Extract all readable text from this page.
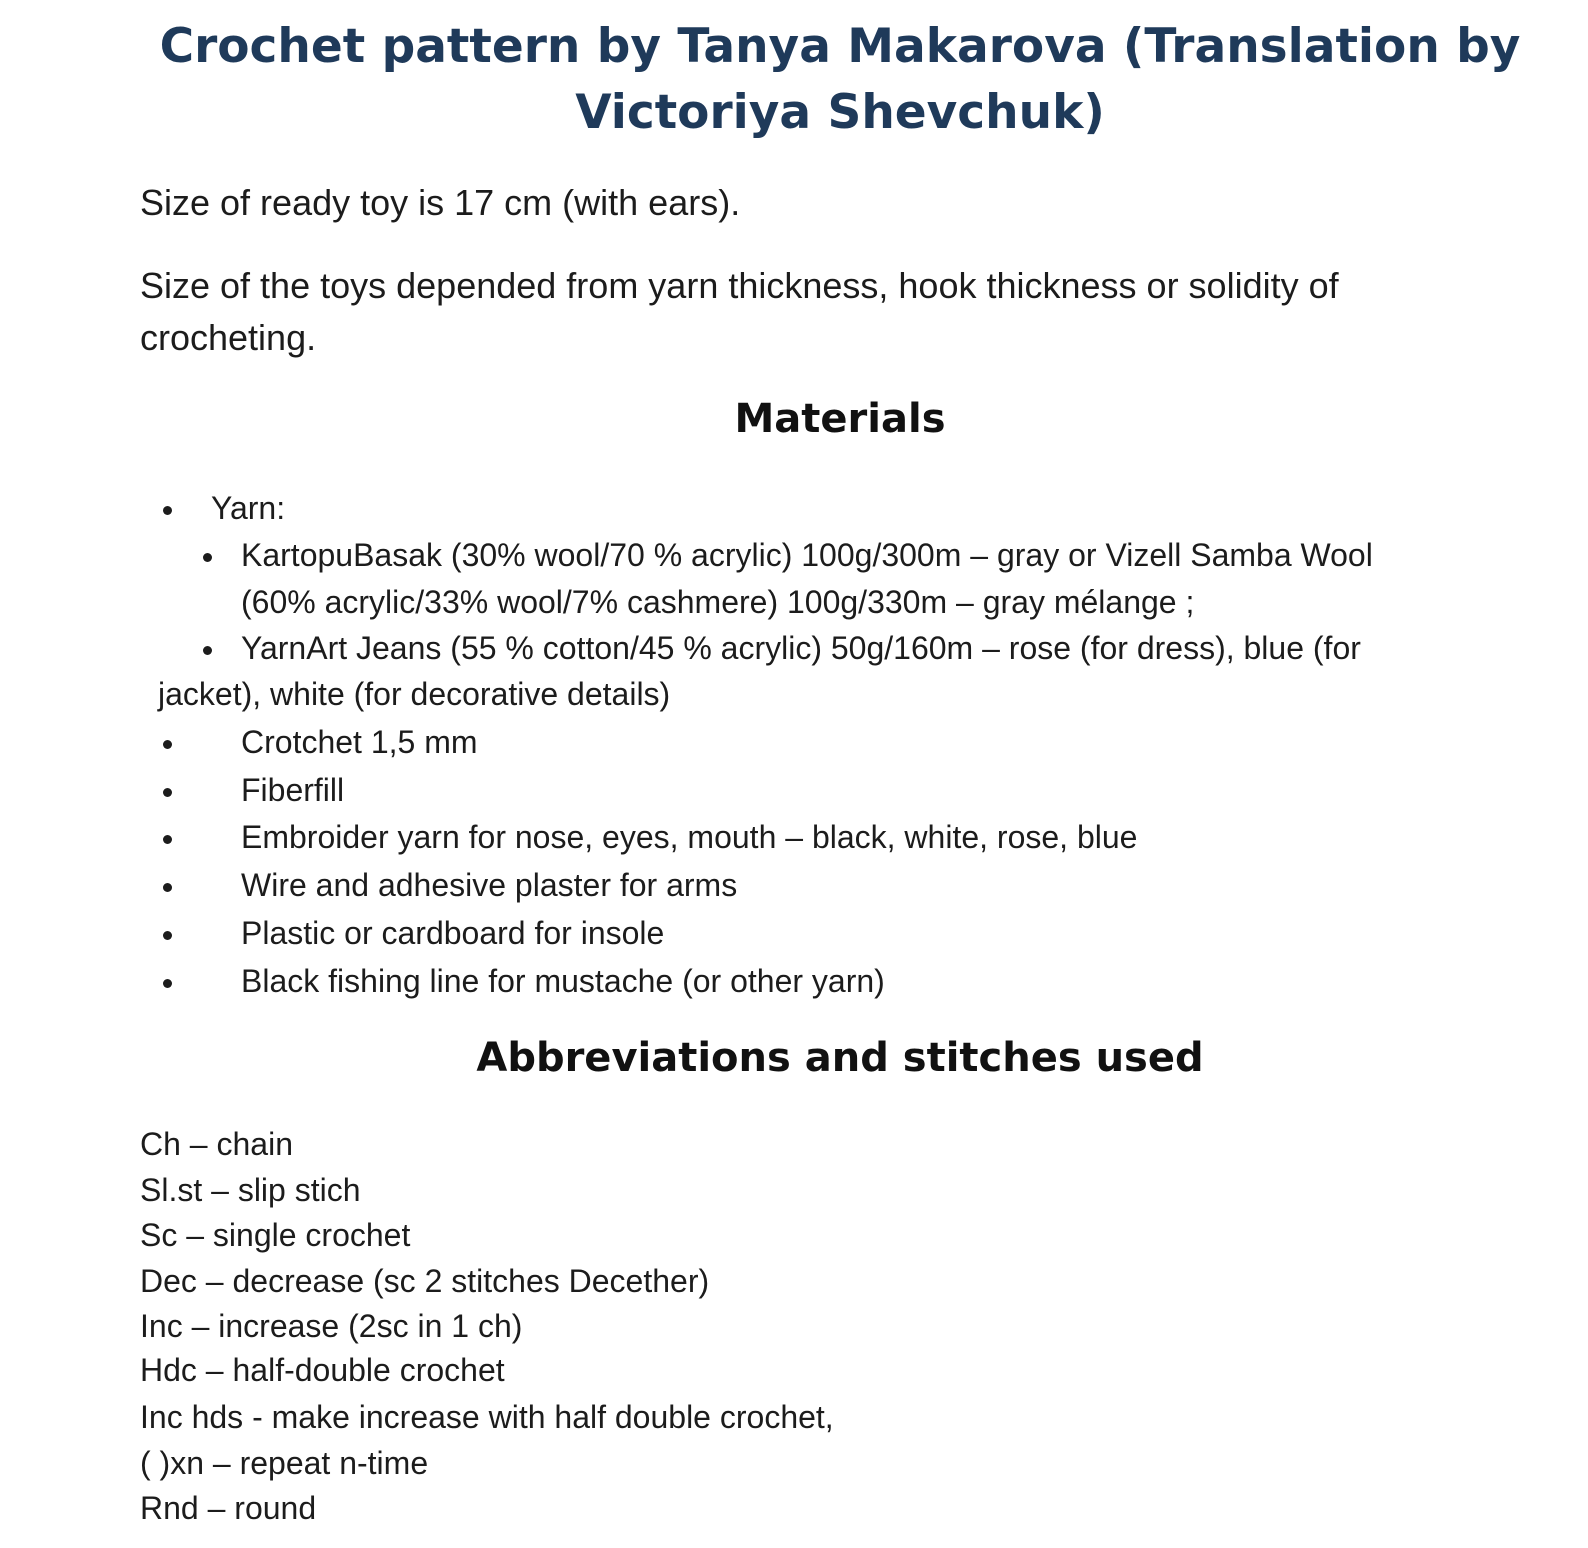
Crochet pattern by Tanya Makarova (Translation by
Victoriya Shevchuk)
Size of ready toy is 17 cm (with ears).
Size of the toys depended from yarn thickness, hook thickness or solidity of
crocheting.
Materials
Yarn:
KartopuBasak (30% wool/70 % acrylic) 100g/300m – gray or Vizell Samba Wool
(60% acrylic/33% wool/7% cashmere) 100g/330m – gray mélange ;
YarnArt Jeans (55 % cotton/45 % acrylic) 50g/160m – rose (for dress), blue (for
jacket), white (for decorative details)
Crotchet 1,5 mm
Fiberfill
Embroider yarn for nose, eyes, mouth – black, white, rose, blue
Wire and adhesive plaster for arms
Plastic or cardboard for insole
Black fishing line for mustache (or other yarn)
Abbreviations and stitches used
Ch – chain
Sl.st – slip stich
Sc – single crochet
Dec – decrease (sc 2 stitches Decether)
Inc – increase (2sc in 1 ch)
Hdc – half-double crochet
Inc hds - make increase with half double crochet,
( )xn – repeat n-time
Rnd – round
